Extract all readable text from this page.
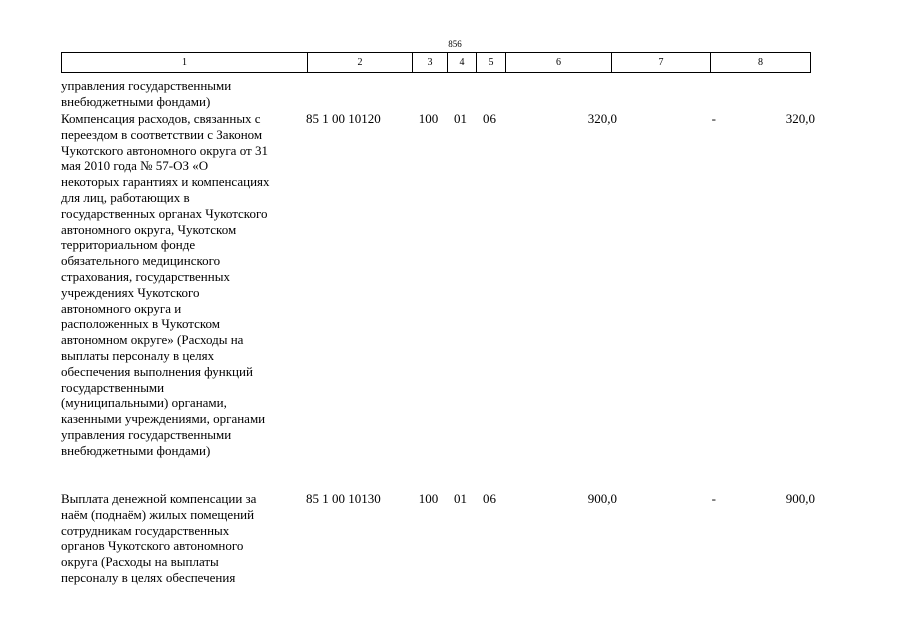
856
1	2	3	4	5	6	7	8
управления государственными
внебюджетными фондами)
Компенсация расходов, связанных с
переездом в соответствии с Законом
Чукотского автономного округа от 31
мая 2010 года № 57-ОЗ «О
некоторых гарантиях и компенсациях
для лиц, работающих в
государственных органах Чукотского
автономного округа, Чукотском
территориальном фонде
обязательного медицинского
страхования, государственных
учреждениях Чукотского
автономного округа и
расположенных в Чукотском
автономном округе» (Расходы на
выплаты персоналу в целях
обеспечения выполнения функций
государственными
(муниципальными) органами,
казенными учреждениями, органами
управления государственными
внебюджетными фондами)
85 1 00 10120	100	01	06	320,0	-	320,0
Выплата денежной компенсации за
наём (поднаём) жилых помещений
сотрудникам государственных
органов Чукотского автономного
округа (Расходы на выплаты
персоналу в целях обеспечения
85 1 00 10130	100	01	06	900,0	-	900,0
